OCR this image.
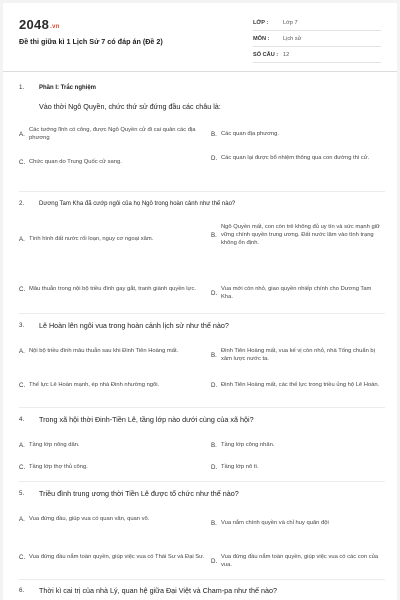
2048.vn
Đề thi giữa kì 1 Lịch Sử 7 có đáp án (Đề 2)
LỚP :	Lớp 7
MÔN :	Lịch sử
SỐ CÂU : 12
1.	Phần I: Trắc nghiệm
Vào thời Ngô Quyền, chức thứ sử đứng đầu các châu là:
A.
Các tướng lĩnh có công, được Ngô Quyền cử đi cai quản các địa phương
B. Các quan địa phương.
C. Chức quan do Trung Quốc cử sang.
D. Các quan lại được bổ nhiệm thông qua con đường thi cử.
2.	Dương Tam Kha đã cướp ngôi của họ Ngô trong hoàn cảnh như thế nào?
A. Tình hình đất nước rối loạn, nguy cơ ngoại xâm.
B.
Ngô Quyền mất, con còn trẻ không đủ uy tín và sức mạnh giữ vững chính quyền trung ương. Đất nước lâm vào tình trạng không ổn định.
C. Mâu thuẫn trong nội bộ triều đình gay gắt, tranh giành quyền lực.
D.
Vua mới còn nhỏ, giao quyền nhiếp chính cho Dương Tam Kha.
3.	Lê Hoàn lên ngôi vua trong hoàn cảnh lịch sử như thế nào?
A. Nội bộ triều đình mâu thuẫn sau khi Đinh Tiên Hoàng mất.
B.
Đinh Tiên Hoàng mất, vua kế vị còn nhỏ, nhà Tống chuẩn bị xâm lược nước ta.
C. Thế lực Lê Hoàn mạnh, ép nhà Đinh nhường ngôi.	D. Đinh Tiên Hoàng mất, các thế lực trong triều ủng hộ Lê Hoàn.
4.	Trong xã hội thời Đinh-Tiền Lê, tầng lớp nào dưới cùng của xã hội?
A. Tầng lớp nông dân.	B. Tầng lớp công nhân.
C. Tầng lớp thợ thủ công.	D. Tầng lớp nô tì.
5.	Triều đình trung ương thời Tiền Lê được tổ chức như thế nào?
A. Vua đứng đầu, giúp vua có quan văn, quan võ.
B. Vua nắm chính quyền và chỉ huy quân đội
C. Vua đứng đầu nắm toàn quyền, giúp việc vua có Thái Sư và Đại Sư.
D.
Vua đứng đầu nắm toàn quyền, giúp việc vua có các con của vua.
6.	Thời kì cai trị của nhà Lý, quan hệ giữa Đại Việt và Cham-pa như thế nào?
